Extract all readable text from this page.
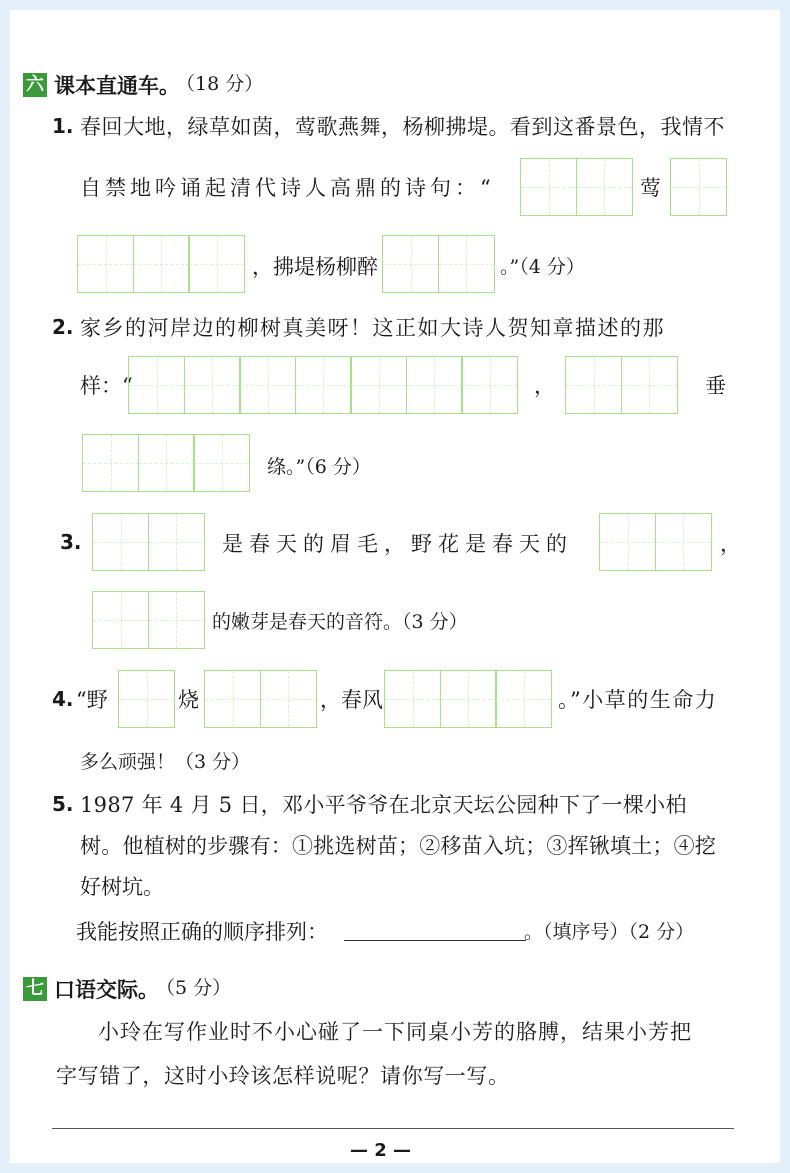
六 课本直通车。
（18 分）
1. 春回大地，绿草如茵，莺歌燕舞，杨柳拂堤。看到这番景色，我情不
自禁地吟诵起清代诗人高鼎的诗句：“	莺
，拂堤杨柳醉	。”（4 分）
2. 家乡的河岸边的柳树真美呀！这正如大诗人贺知章描述的那
样：“	，	垂
绦。”（6 分）
3.	是春天的眉毛，野花是春天的	，
的嫩芽是春天的音符。（3 分）
4. “野	烧	，春风	。”小草的生命力
多么顽强！（3 分）
5. 1987 年 4 月 5 日，邓小平爷爷在北京天坛公园种下了一棵小柏
树。他植树的步骤有：①挑选树苗；②移苗入坑；③挥锹填土；④挖
好树坑。
我能按照正确的顺序排列：	。（填序号）（2 分）
七 口语交际。
（5 分）
小玲在写作业时不小心碰了一下同桌小芳的胳膊，结果小芳把
字写错了，这时小玲该怎样说呢？请你写一写。
— 2 —
